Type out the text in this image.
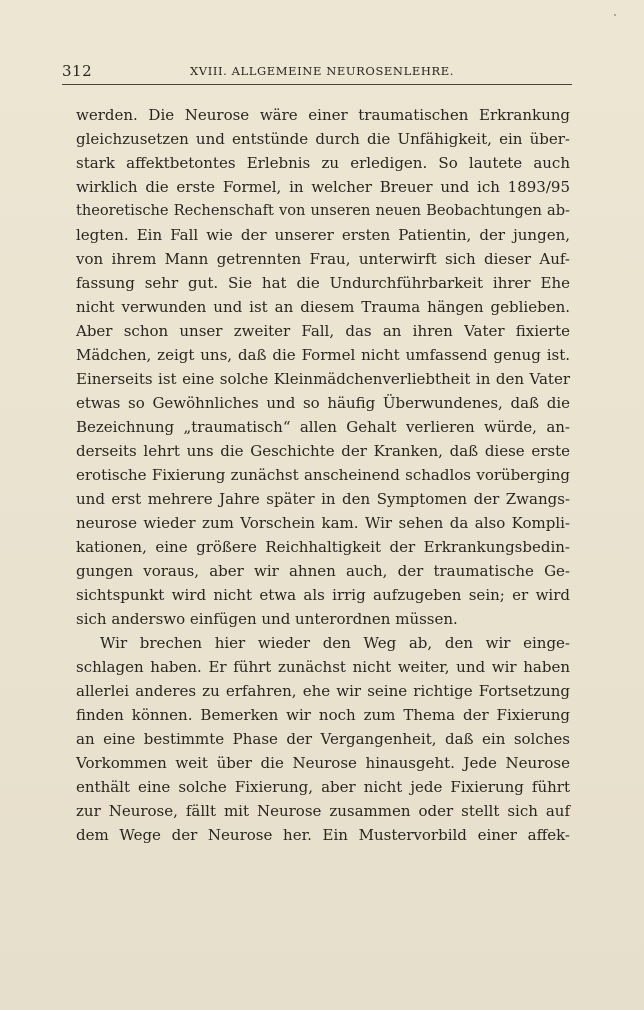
312	XVIII. ALLGEMEINE NEUROSENLEHRE.
werden. Die Neurose wäre einer traumatischen Erkrankung
gleichzusetzen und entstünde durch die Unfähigkeit, ein über-
stark affektbetontes Erlebnis zu erledigen. So lautete auch
wirklich die erste Formel, in welcher Breuer und ich 1893/95
theoretische Rechenschaft von unseren neuen Beobachtungen ab-
legten. Ein Fall wie der unserer ersten Patientin, der jungen,
von ihrem Mann getrennten Frau, unterwirft sich dieser Auf-
fassung sehr gut. Sie hat die Undurchführbarkeit ihrer Ehe
nicht verwunden und ist an diesem Trauma hängen geblieben.
Aber schon unser zweiter Fall, das an ihren Vater fixierte
Mädchen, zeigt uns, daß die Formel nicht umfassend genug ist.
Einerseits ist eine solche Kleinmädchenverliebtheit in den Vater
etwas so Gewöhnliches und so häufig Überwundenes, daß die
Bezeichnung „traumatisch“ allen Gehalt verlieren würde, an-
derseits lehrt uns die Geschichte der Kranken, daß diese erste
erotische Fixierung zunächst anscheinend schadlos vorüberging
und erst mehrere Jahre später in den Symptomen der Zwangs-
neurose wieder zum Vorschein kam. Wir sehen da also Kompli-
kationen, eine größere Reichhaltigkeit der Erkrankungsbedin-
gungen voraus, aber wir ahnen auch, der traumatische Ge-
sichtspunkt wird nicht etwa als irrig aufzugeben sein; er wird
sich anderswo einfügen und unterordnen müssen.
Wir brechen hier wieder den Weg ab, den wir einge-
schlagen haben. Er führt zunächst nicht weiter, und wir haben
allerlei anderes zu erfahren, ehe wir seine richtige Fortsetzung
finden können. Bemerken wir noch zum Thema der Fixierung
an eine bestimmte Phase der Vergangenheit, daß ein solches
Vorkommen weit über die Neurose hinausgeht. Jede Neurose
enthält eine solche Fixierung, aber nicht jede Fixierung führt
zur Neurose, fällt mit Neurose zusammen oder stellt sich auf
dem Wege der Neurose her. Ein Mustervorbild einer affek-
